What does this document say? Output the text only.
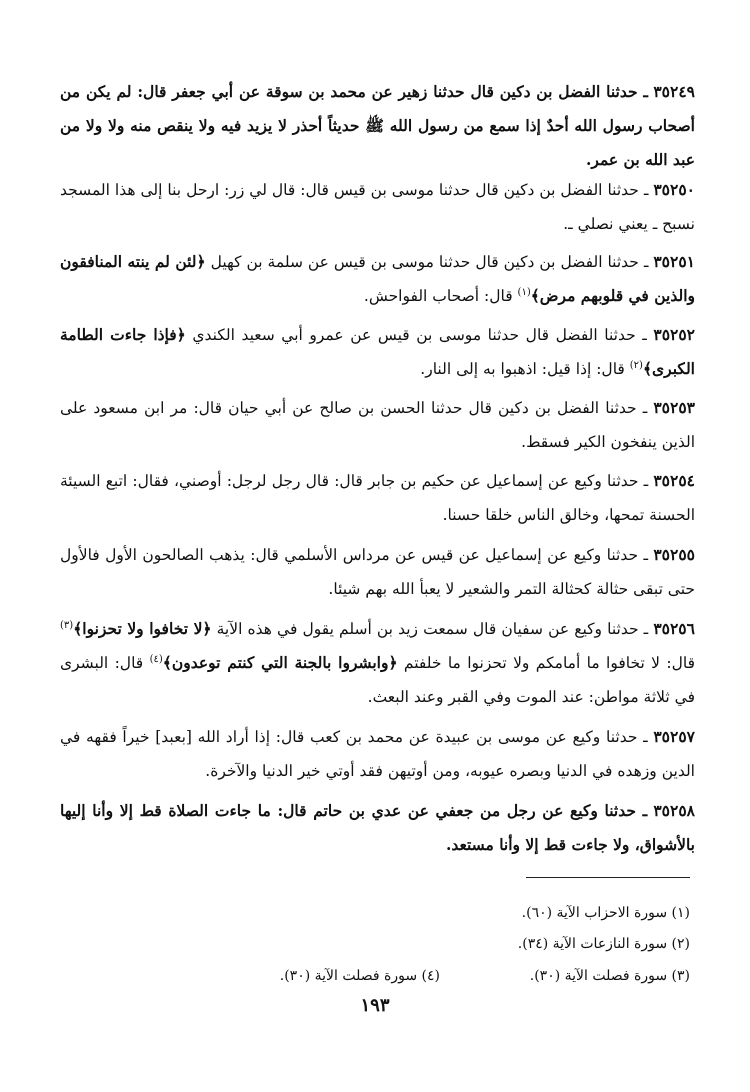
٣٥٢٤٩ ـ حدثنا الفضل بن دكين قال حدثنا زهير عن محمد بن سوقة عن أبي جعفر قال: لم يكن من أصحاب رسول الله أحدٌ إذا سمع من رسول الله ﷺ حديثاً أحذر لا يزيد فيه ولا ينقص منه ولا ولا من عبد الله بن عمر.
٣٥٢٥٠ ـ حدثنا الفضل بن دكين قال حدثنا موسى بن قيس قال: قال لي زر: ارحل بنا إلى هذا المسجد نسبح ـ يعني نصلي ـ.
٣٥٢٥١ ـ حدثنا الفضل بن دكين قال حدثنا موسى بن قيس عن سلمة بن كهيل ﴿لئن لم ينته المنافقون والذين في قلوبهم مرض﴾$^{(١)}$ قال: أصحاب الفواحش.
٣٥٢٥٢ ـ حدثنا الفضل قال حدثنا موسى بن قيس عن عمرو أبي سعيد الكندي ﴿فإذا جاءت الطامة الكبرى﴾$^{(٢)}$ قال: إذا قيل: اذهبوا به إلى النار.
٣٥٢٥٣ ـ حدثنا الفضل بن دكين قال حدثنا الحسن بن صالح عن أبي حيان قال: مر ابن مسعود على الذين ينفخون الكير فسقط.
٣٥٢٥٤ ـ حدثنا وكيع عن إسماعيل عن حكيم بن جابر قال: قال رجل لرجل: أوصني، فقال: اتبع السيئة الحسنة تمحها، وخالق الناس خلقا حسنا.
٣٥٢٥٥ ـ حدثنا وكيع عن إسماعيل عن قيس عن مرداس الأسلمي قال: يذهب الصالحون الأول فالأول حتى تبقى حثالة كحثالة التمر والشعير لا يعبأ الله بهم شيئا.
٣٥٢٥٦ ـ حدثنا وكيع عن سفيان قال سمعت زيد بن أسلم يقول في هذه الآية ﴿لا تخافوا ولا تحزنوا﴾$^{(٣)}$ قال: لا تخافوا ما أمامكم ولا تحزنوا ما خلفتم ﴿وابشروا بالجنة التي كنتم توعدون﴾$^{(٤)}$ قال: البشرى في ثلاثة مواطن: عند الموت وفي القبر وعند البعث.
٣٥٢٥٧ ـ حدثنا وكيع عن موسى بن عبيدة عن محمد بن كعب قال: إذا أراد الله [بعبد] خيراً فقهه في الدين وزهده في الدنيا وبصره عيوبه، ومن أوتيهن فقد أوتي خير الدنيا والآخرة.
٣٥٢٥٨ ـ حدثنا وكيع عن رجل من جعفي عن عدي بن حاتم قال: ما جاءت الصلاة قط إلا وأنا إليها بالأشواق، ولا جاءت قط إلا وأنا مستعد.
(١) سورة الاحزاب الآية (٦٠).
(٢) سورة النازعات الآية (٣٤).
(٣) سورة فصلت الآية (٣٠).
(٤) سورة فصلت الآية (٣٠).
١٩٣
